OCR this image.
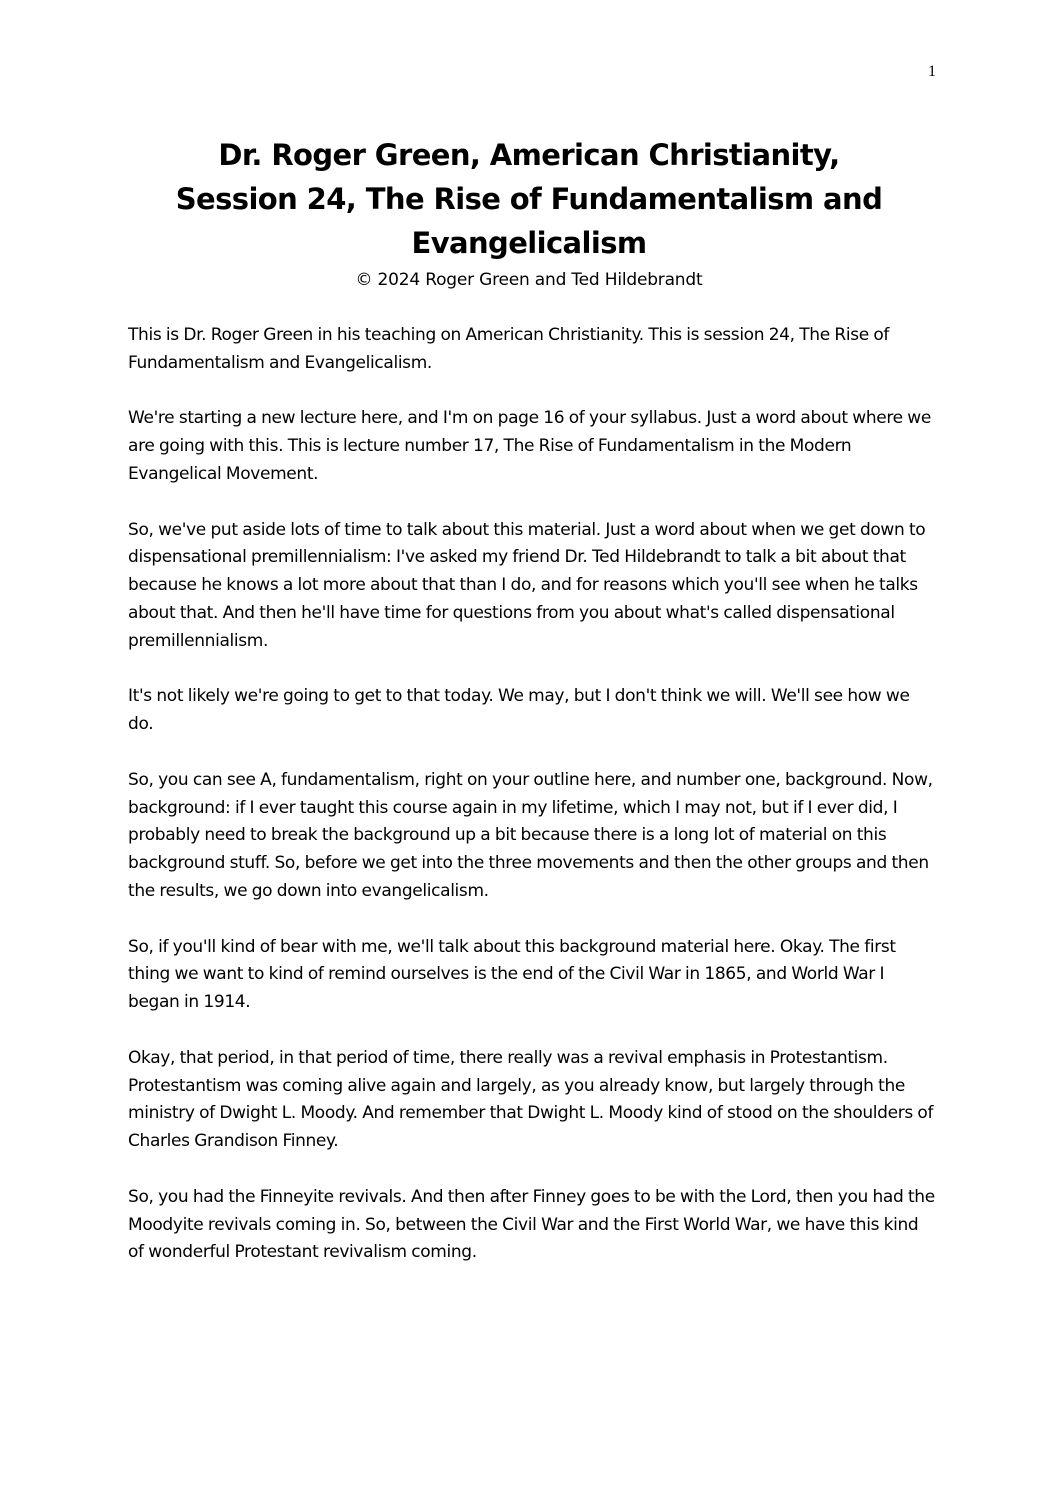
1
Dr. Roger Green, American Christianity,
Session 24, The Rise of Fundamentalism and
Evangelicalism
© 2024 Roger Green and Ted Hildebrandt

This is Dr. Roger Green in his teaching on American Christianity. This is session 24, The Rise of Fundamentalism and Evangelicalism.

We're starting a new lecture here, and I'm on page 16 of your syllabus. Just a word about where we are going with this. This is lecture number 17, The Rise of Fundamentalism in the Modern Evangelical Movement.

So, we've put aside lots of time to talk about this material. Just a word about when we get down to dispensational premillennialism: I've asked my friend Dr. Ted Hildebrandt to talk a bit about that because he knows a lot more about that than I do, and for reasons which you'll see when he talks about that. And then he'll have time for questions from you about what's called dispensational premillennialism.

It's not likely we're going to get to that today. We may, but I don't think we will. We'll see how we do.

So, you can see A, fundamentalism, right on your outline here, and number one, background. Now, background: if I ever taught this course again in my lifetime, which I may not, but if I ever did, I probably need to break the background up a bit because there is a long lot of material on this background stuff. So, before we get into the three movements and then the other groups and then the results, we go down into evangelicalism.

So, if you'll kind of bear with me, we'll talk about this background material here. Okay. The first thing we want to kind of remind ourselves is the end of the Civil War in 1865, and World War I began in 1914.

Okay, that period, in that period of time, there really was a revival emphasis in Protestantism. Protestantism was coming alive again and largely, as you already know, but largely through the ministry of Dwight L. Moody. And remember that Dwight L. Moody kind of stood on the shoulders of Charles Grandison Finney.

So, you had the Finneyite revivals. And then after Finney goes to be with the Lord, then you had the Moodyite revivals coming in. So, between the Civil War and the First World War, we have this kind of wonderful Protestant revivalism coming.
